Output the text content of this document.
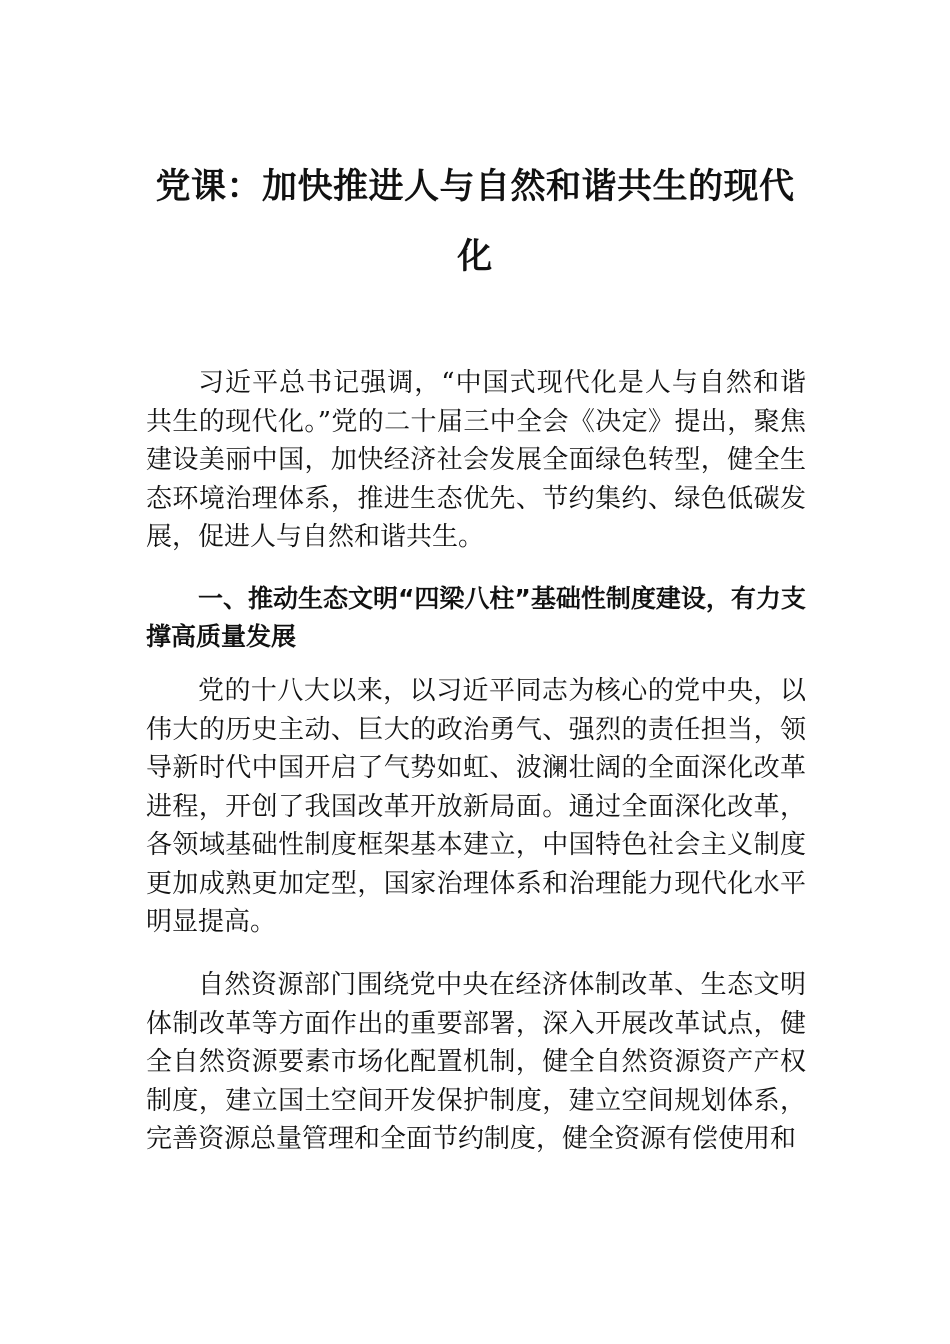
党课：加快推进人与自然和谐共生的现代化

习近平总书记强调，“中国式现代化是人与自然和谐共生的现代化。”党的二十届三中全会《决定》提出，聚焦建设美丽中国，加快经济社会发展全面绿色转型，健全生态环境治理体系，推进生态优先、节约集约、绿色低碳发展，促进人与自然和谐共生。

一、推动生态文明“四梁八柱”基础性制度建设，有力支撑高质量发展

党的十八大以来，以习近平同志为核心的党中央，以伟大的历史主动、巨大的政治勇气、强烈的责任担当，领导新时代中国开启了气势如虹、波澜壮阔的全面深化改革进程，开创了我国改革开放新局面。通过全面深化改革，各领域基础性制度框架基本建立，中国特色社会主义制度更加成熟更加定型，国家治理体系和治理能力现代化水平明显提高。

自然资源部门围绕党中央在经济体制改革、生态文明体制改革等方面作出的重要部署，深入开展改革试点，健全自然资源要素市场化配置机制，健全自然资源资产产权制度，建立国土空间开发保护制度，建立空间规划体系，完善资源总量管理和全面节约制度，健全资源有偿使用和
